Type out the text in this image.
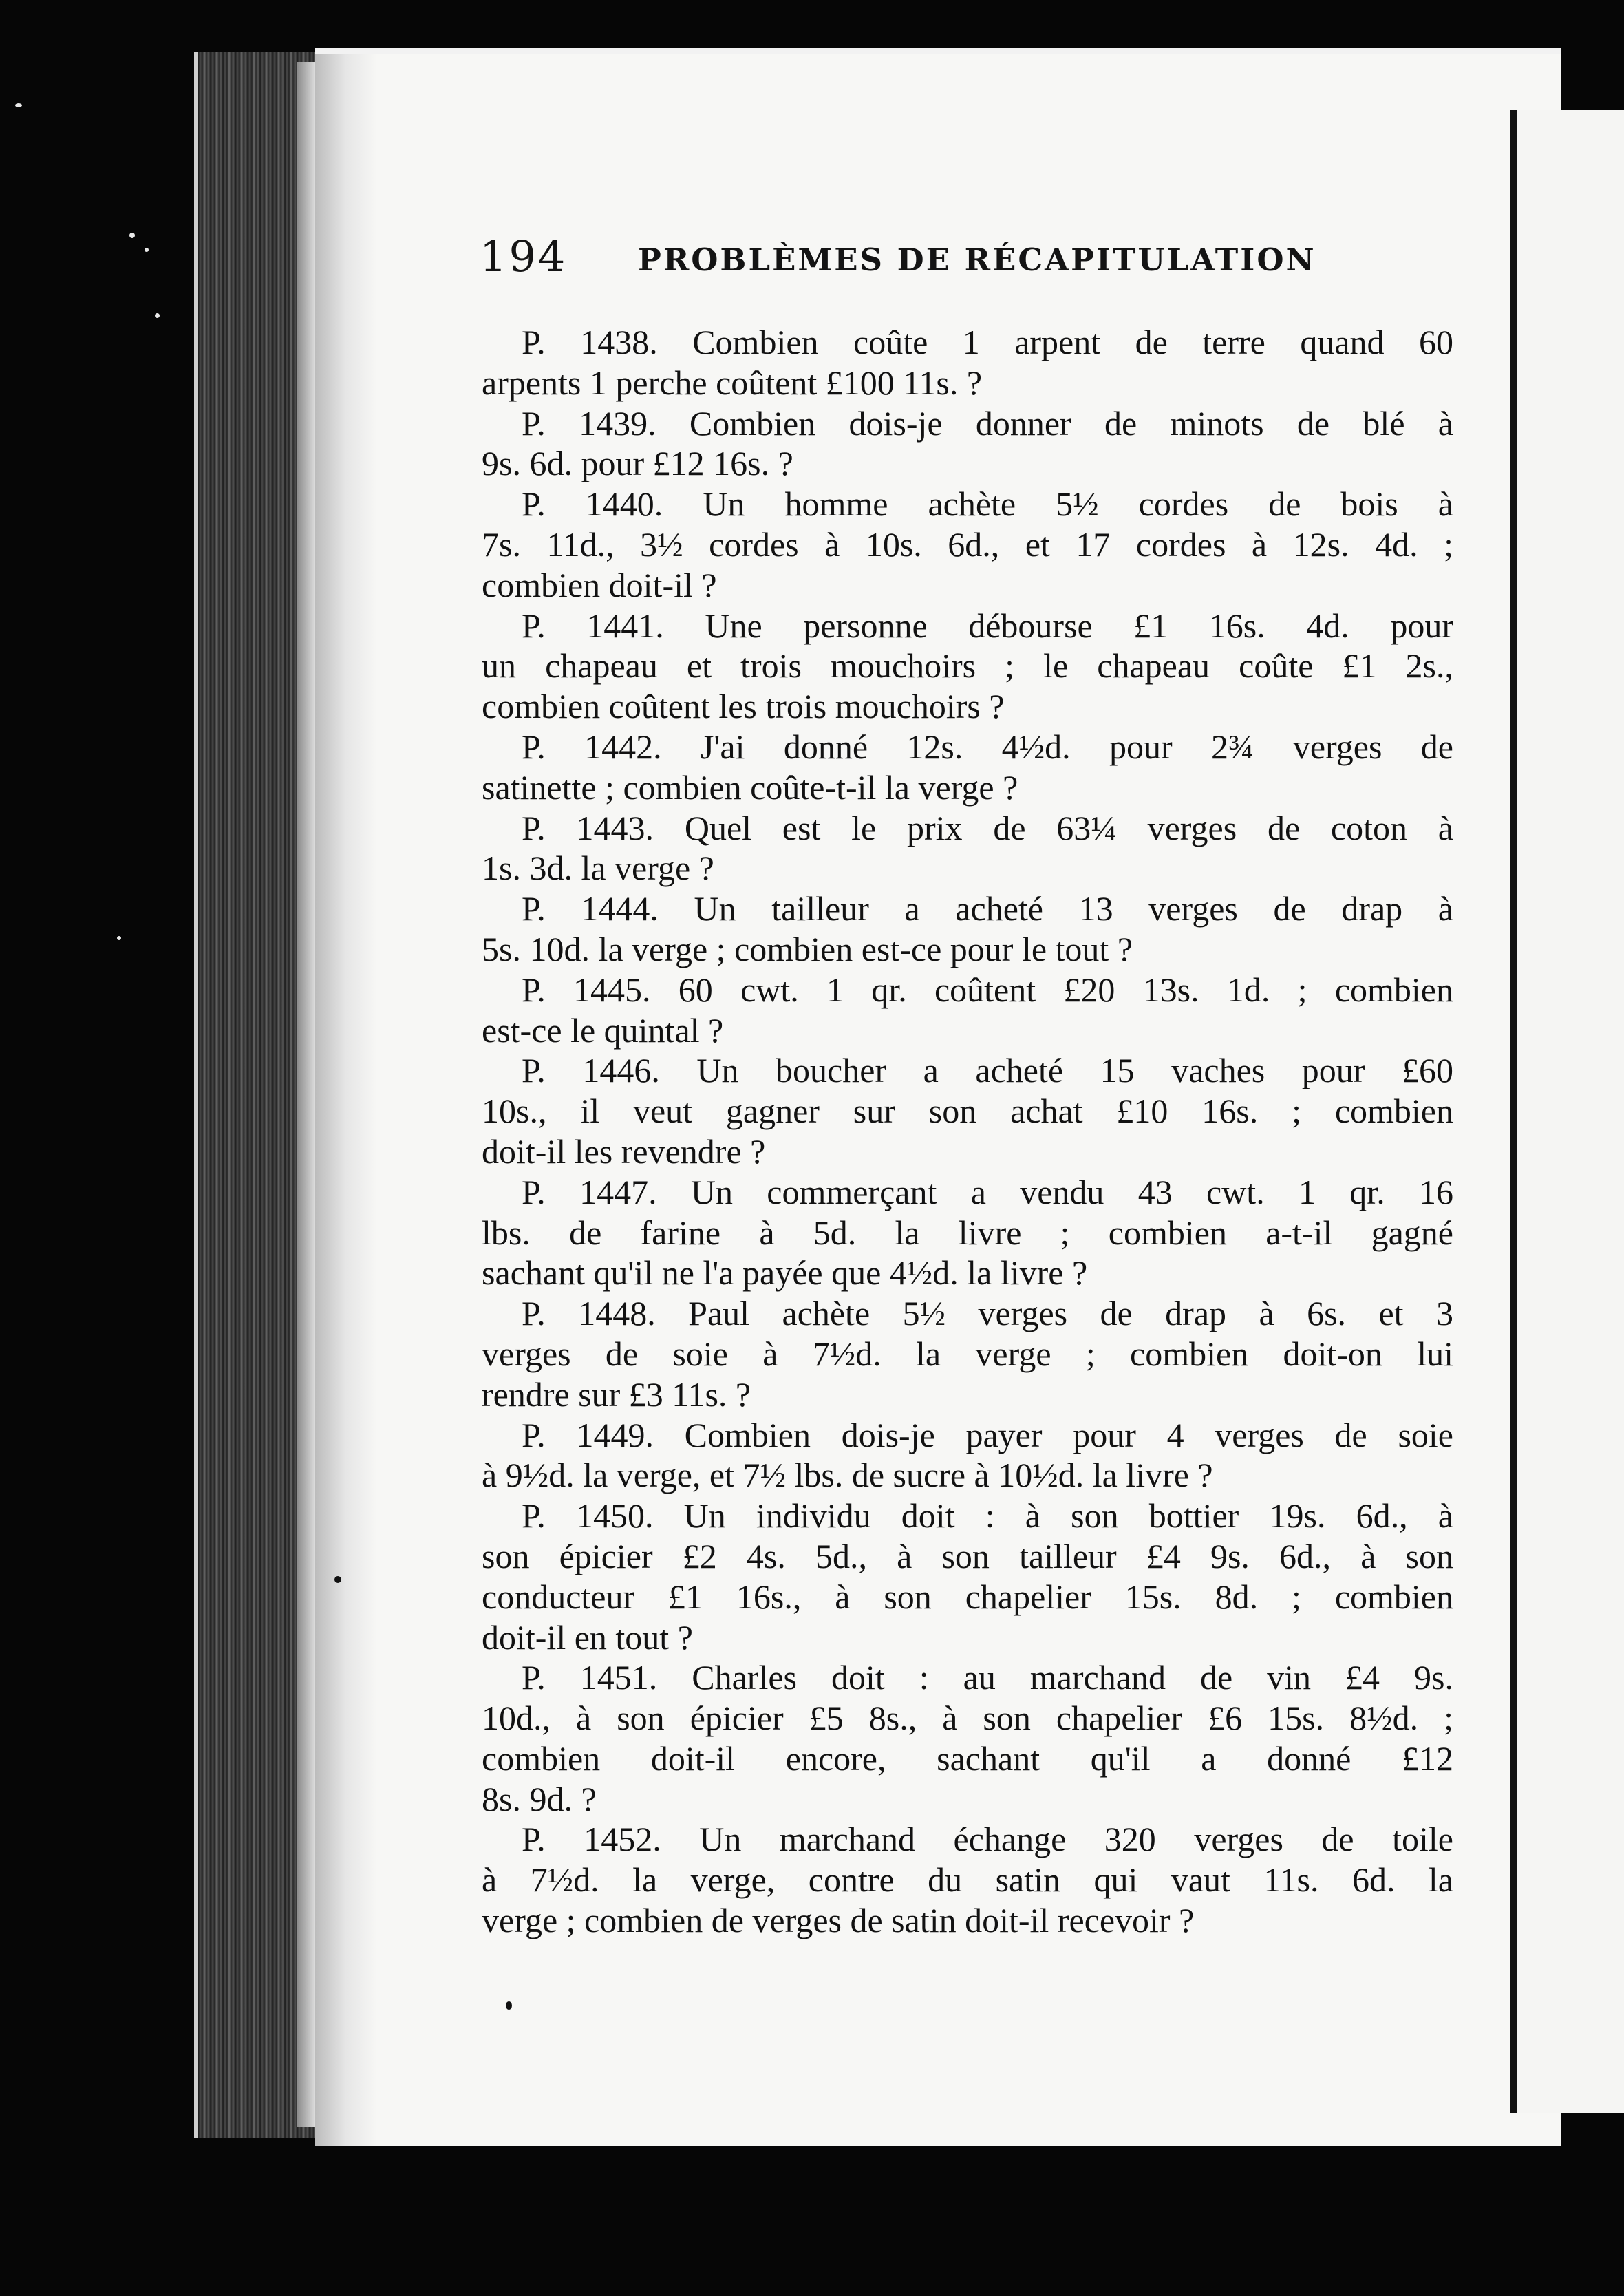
194 PROBLÈMES DE RÉCAPITULATION
P. 1438. Combien coûte 1 arpent de terre quand 60
arpents 1 perche coûtent £100 11s. ?
P. 1439. Combien dois-je donner de minots de blé à
9s. 6d. pour £12 16s. ?
P. 1440. Un homme achète 5½ cordes de bois à
7s. 11d., 3½ cordes à 10s. 6d., et 17 cordes à 12s. 4d. ;
combien doit-il ?
P. 1441. Une personne débourse £1 16s. 4d. pour
un chapeau et trois mouchoirs ; le chapeau coûte £1 2s.,
combien coûtent les trois mouchoirs ?
P. 1442. J'ai donné 12s. 4½d. pour 2¾ verges de
satinette ; combien coûte-t-il la verge ?
P. 1443. Quel est le prix de 63¼ verges de coton à
1s. 3d. la verge ?
P. 1444. Un tailleur a acheté 13 verges de drap à
5s. 10d. la verge ; combien est-ce pour le tout ?
P. 1445. 60 cwt. 1 qr. coûtent £20 13s. 1d. ; combien
est-ce le quintal ?
P. 1446. Un boucher a acheté 15 vaches pour £60
10s., il veut gagner sur son achat £10 16s. ; combien
doit-il les revendre ?
P. 1447. Un commerçant a vendu 43 cwt. 1 qr. 16
lbs. de farine à 5d. la livre ; combien a-t-il gagné
sachant qu'il ne l'a payée que 4½d. la livre ?
P. 1448. Paul achète 5½ verges de drap à 6s. et 3
verges de soie à 7½d. la verge ; combien doit-on lui
rendre sur £3 11s. ?
P. 1449. Combien dois-je payer pour 4 verges de soie
à 9½d. la verge, et 7½ lbs. de sucre à 10½d. la livre ?
P. 1450. Un individu doit : à son bottier 19s. 6d., à
son épicier £2 4s. 5d., à son tailleur £4 9s. 6d., à son
conducteur £1 16s., à son chapelier 15s. 8d. ; combien
doit-il en tout ?
P. 1451. Charles doit : au marchand de vin £4 9s.
10d., à son épicier £5 8s., à son chapelier £6 15s. 8½d. ;
combien doit-il encore, sachant qu'il a donné £12
8s. 9d. ?
P. 1452. Un marchand échange 320 verges de toile
à 7½d. la verge, contre du satin qui vaut 11s. 6d. la
verge ; combien de verges de satin doit-il recevoir ?
